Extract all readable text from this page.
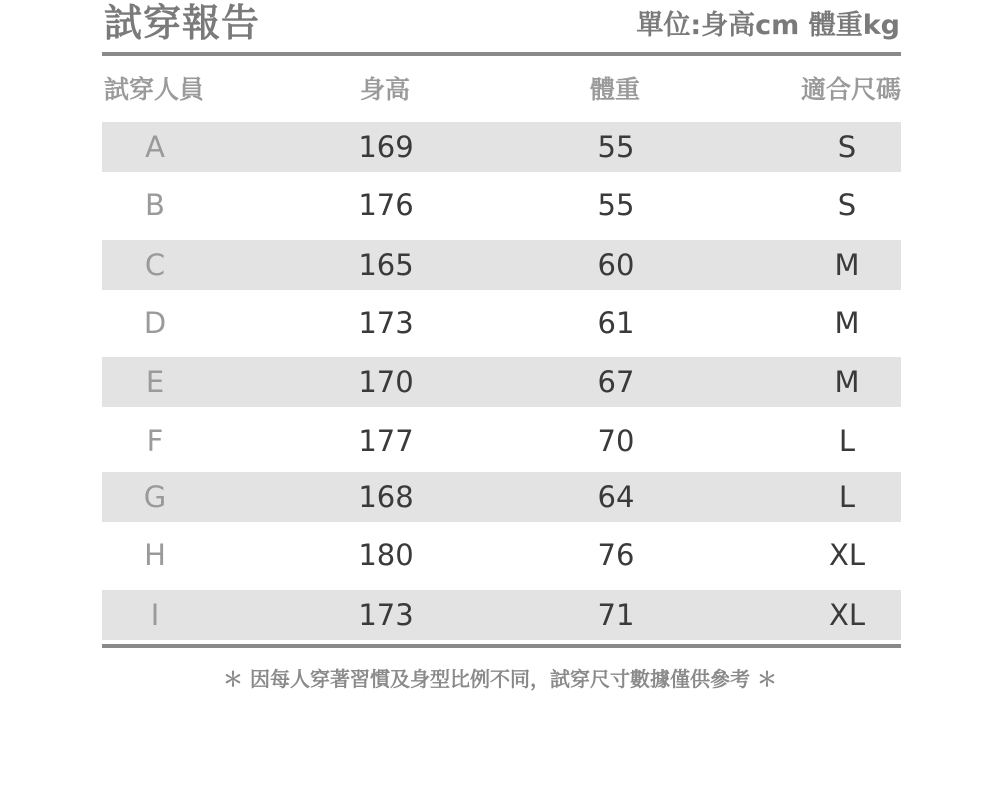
試穿報告	單位:身高cm 體重kg
試穿人員	身高	體重	適合尺碼
A	169	55	S
B	176	55	S
C	165	60	M
D	173	61	M
E	170	67	M
F	177	70	L
G	168	64	L
H	180	76	XL
I	173	71	XL
＊ 因每人穿著習慣及身型比例不同，試穿尺寸數據僅供參考 ＊
